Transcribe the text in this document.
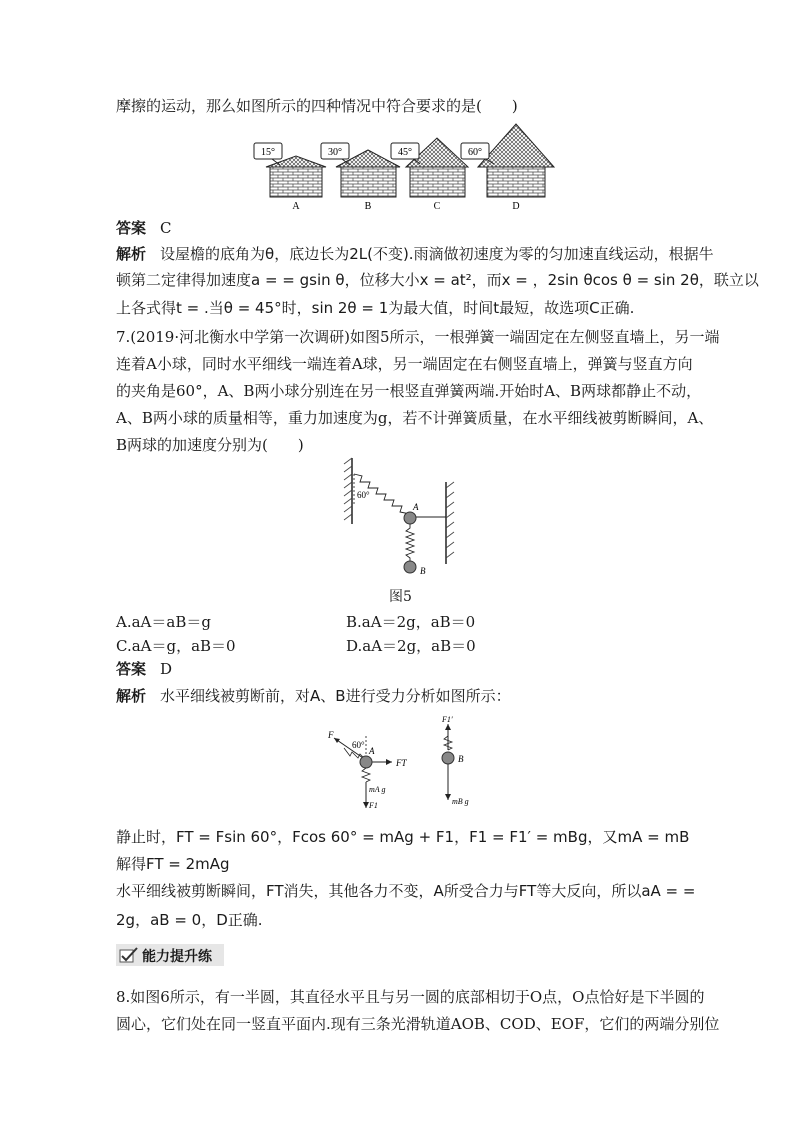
摩擦的运动，那么如图所示的四种情况中符合要求的是(　　)
15°
A
30°
B
45°
C
60°
D
答案 C
解析 设屋檐的底角为θ，底边长为2L(不变).雨滴做初速度为零的匀加速直线运动，根据牛
顿第二定律得加速度a = = gsin θ，位移大小x = at²，而x = ，2sin θcos θ = sin 2θ，联立以
上各式得t = .当θ = 45°时，sin 2θ = 1为最大值，时间t最短，故选项C正确.
7.(2019·河北衡水中学第一次调研)如图5所示，一根弹簧一端固定在左侧竖直墙上，另一端
连着A小球，同时水平细线一端连着A球，另一端固定在右侧竖直墙上，弹簧与竖直方向
的夹角是60°，A、B两小球分别连在另一根竖直弹簧两端.开始时A、B两球都静止不动，
A、B两小球的质量相等，重力加速度为g，若不计弹簧质量，在水平细线被剪断瞬间，A、
B两球的加速度分别为(　　)
60°
A
B
图5
A.aA＝aB＝g	B.aA＝2g，aB＝0
C.aA＝g，aB＝0	D.aA＝2g，aB＝0
答案 D
解析 水平细线被剪断前，对A、B进行受力分析如图所示：
F
60°
A
FT
mA g
F1
F1′
B
mB g
静止时，FT = Fsin 60°，Fcos 60° = mAg + F1，F1 = F1′ = mBg，又mA = mB
解得FT = 2mAg
水平细线被剪断瞬间，FT消失，其他各力不变，A所受合力与FT等大反向，所以aA = =
2g，aB = 0，D正确.
能力提升练
8.如图6所示，有一半圆，其直径水平且与另一圆的底部相切于O点，O点恰好是下半圆的
圆心，它们处在同一竖直平面内.现有三条光滑轨道AOB、COD、EOF，它们的两端分别位
